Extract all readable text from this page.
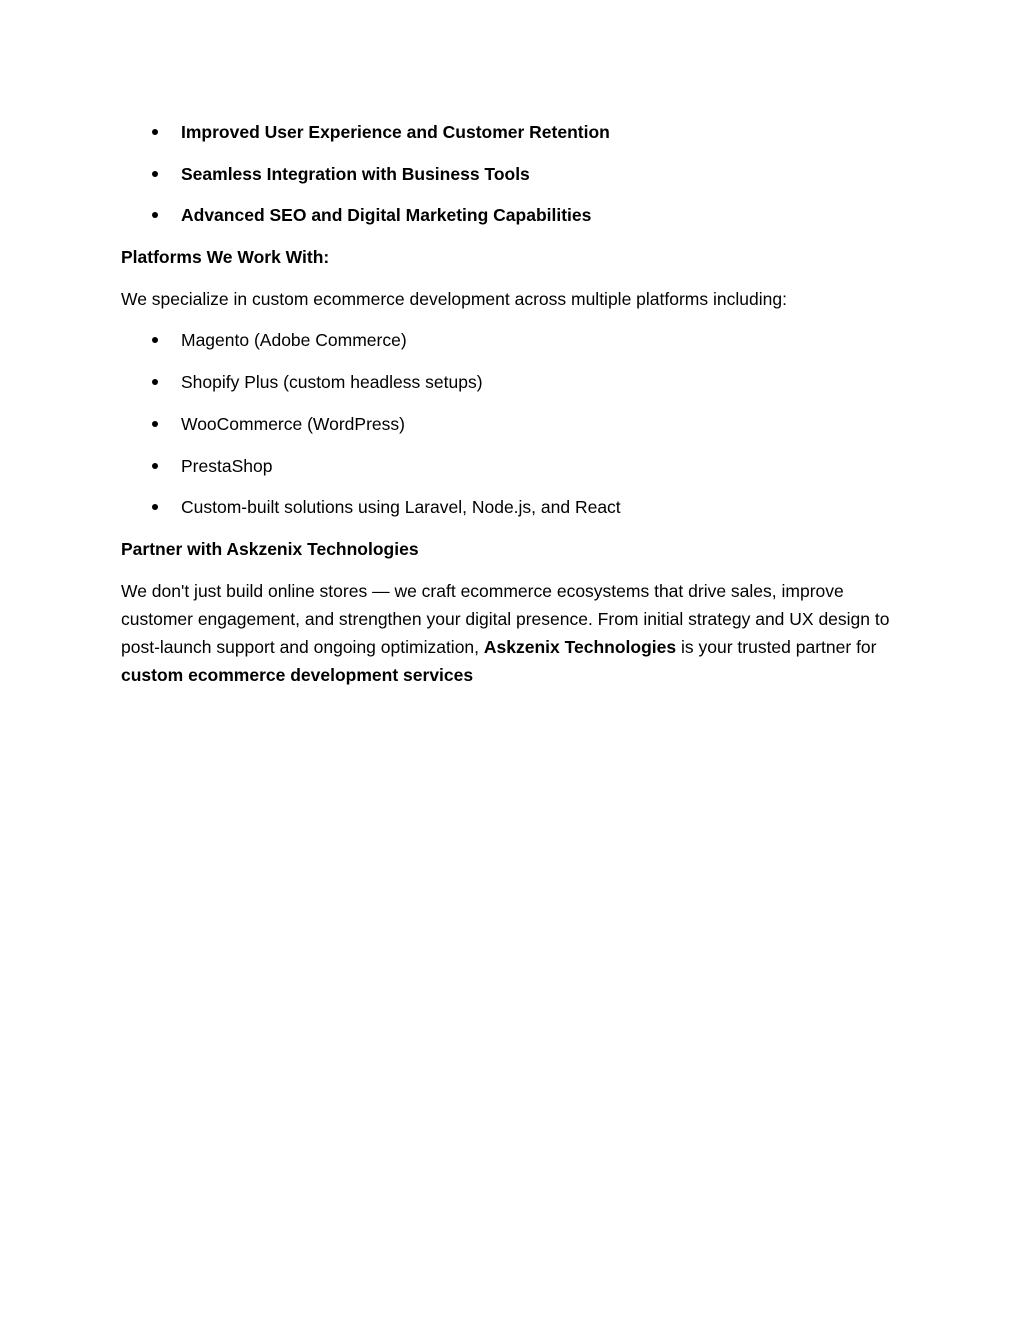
Improved User Experience and Customer Retention
Seamless Integration with Business Tools
Advanced SEO and Digital Marketing Capabilities
Platforms We Work With:

We specialize in custom ecommerce development across multiple platforms including:

Magento (Adobe Commerce)
Shopify Plus (custom headless setups)
WooCommerce (WordPress)
PrestaShop
Custom-built solutions using Laravel, Node.js, and React
Partner with Askzenix Technologies

We don't just build online stores — we craft ecommerce ecosystems that drive sales, improve customer engagement, and strengthen your digital presence. From initial strategy and UX design to post-launch support and ongoing optimization, Askzenix Technologies is your trusted partner for custom ecommerce development services
